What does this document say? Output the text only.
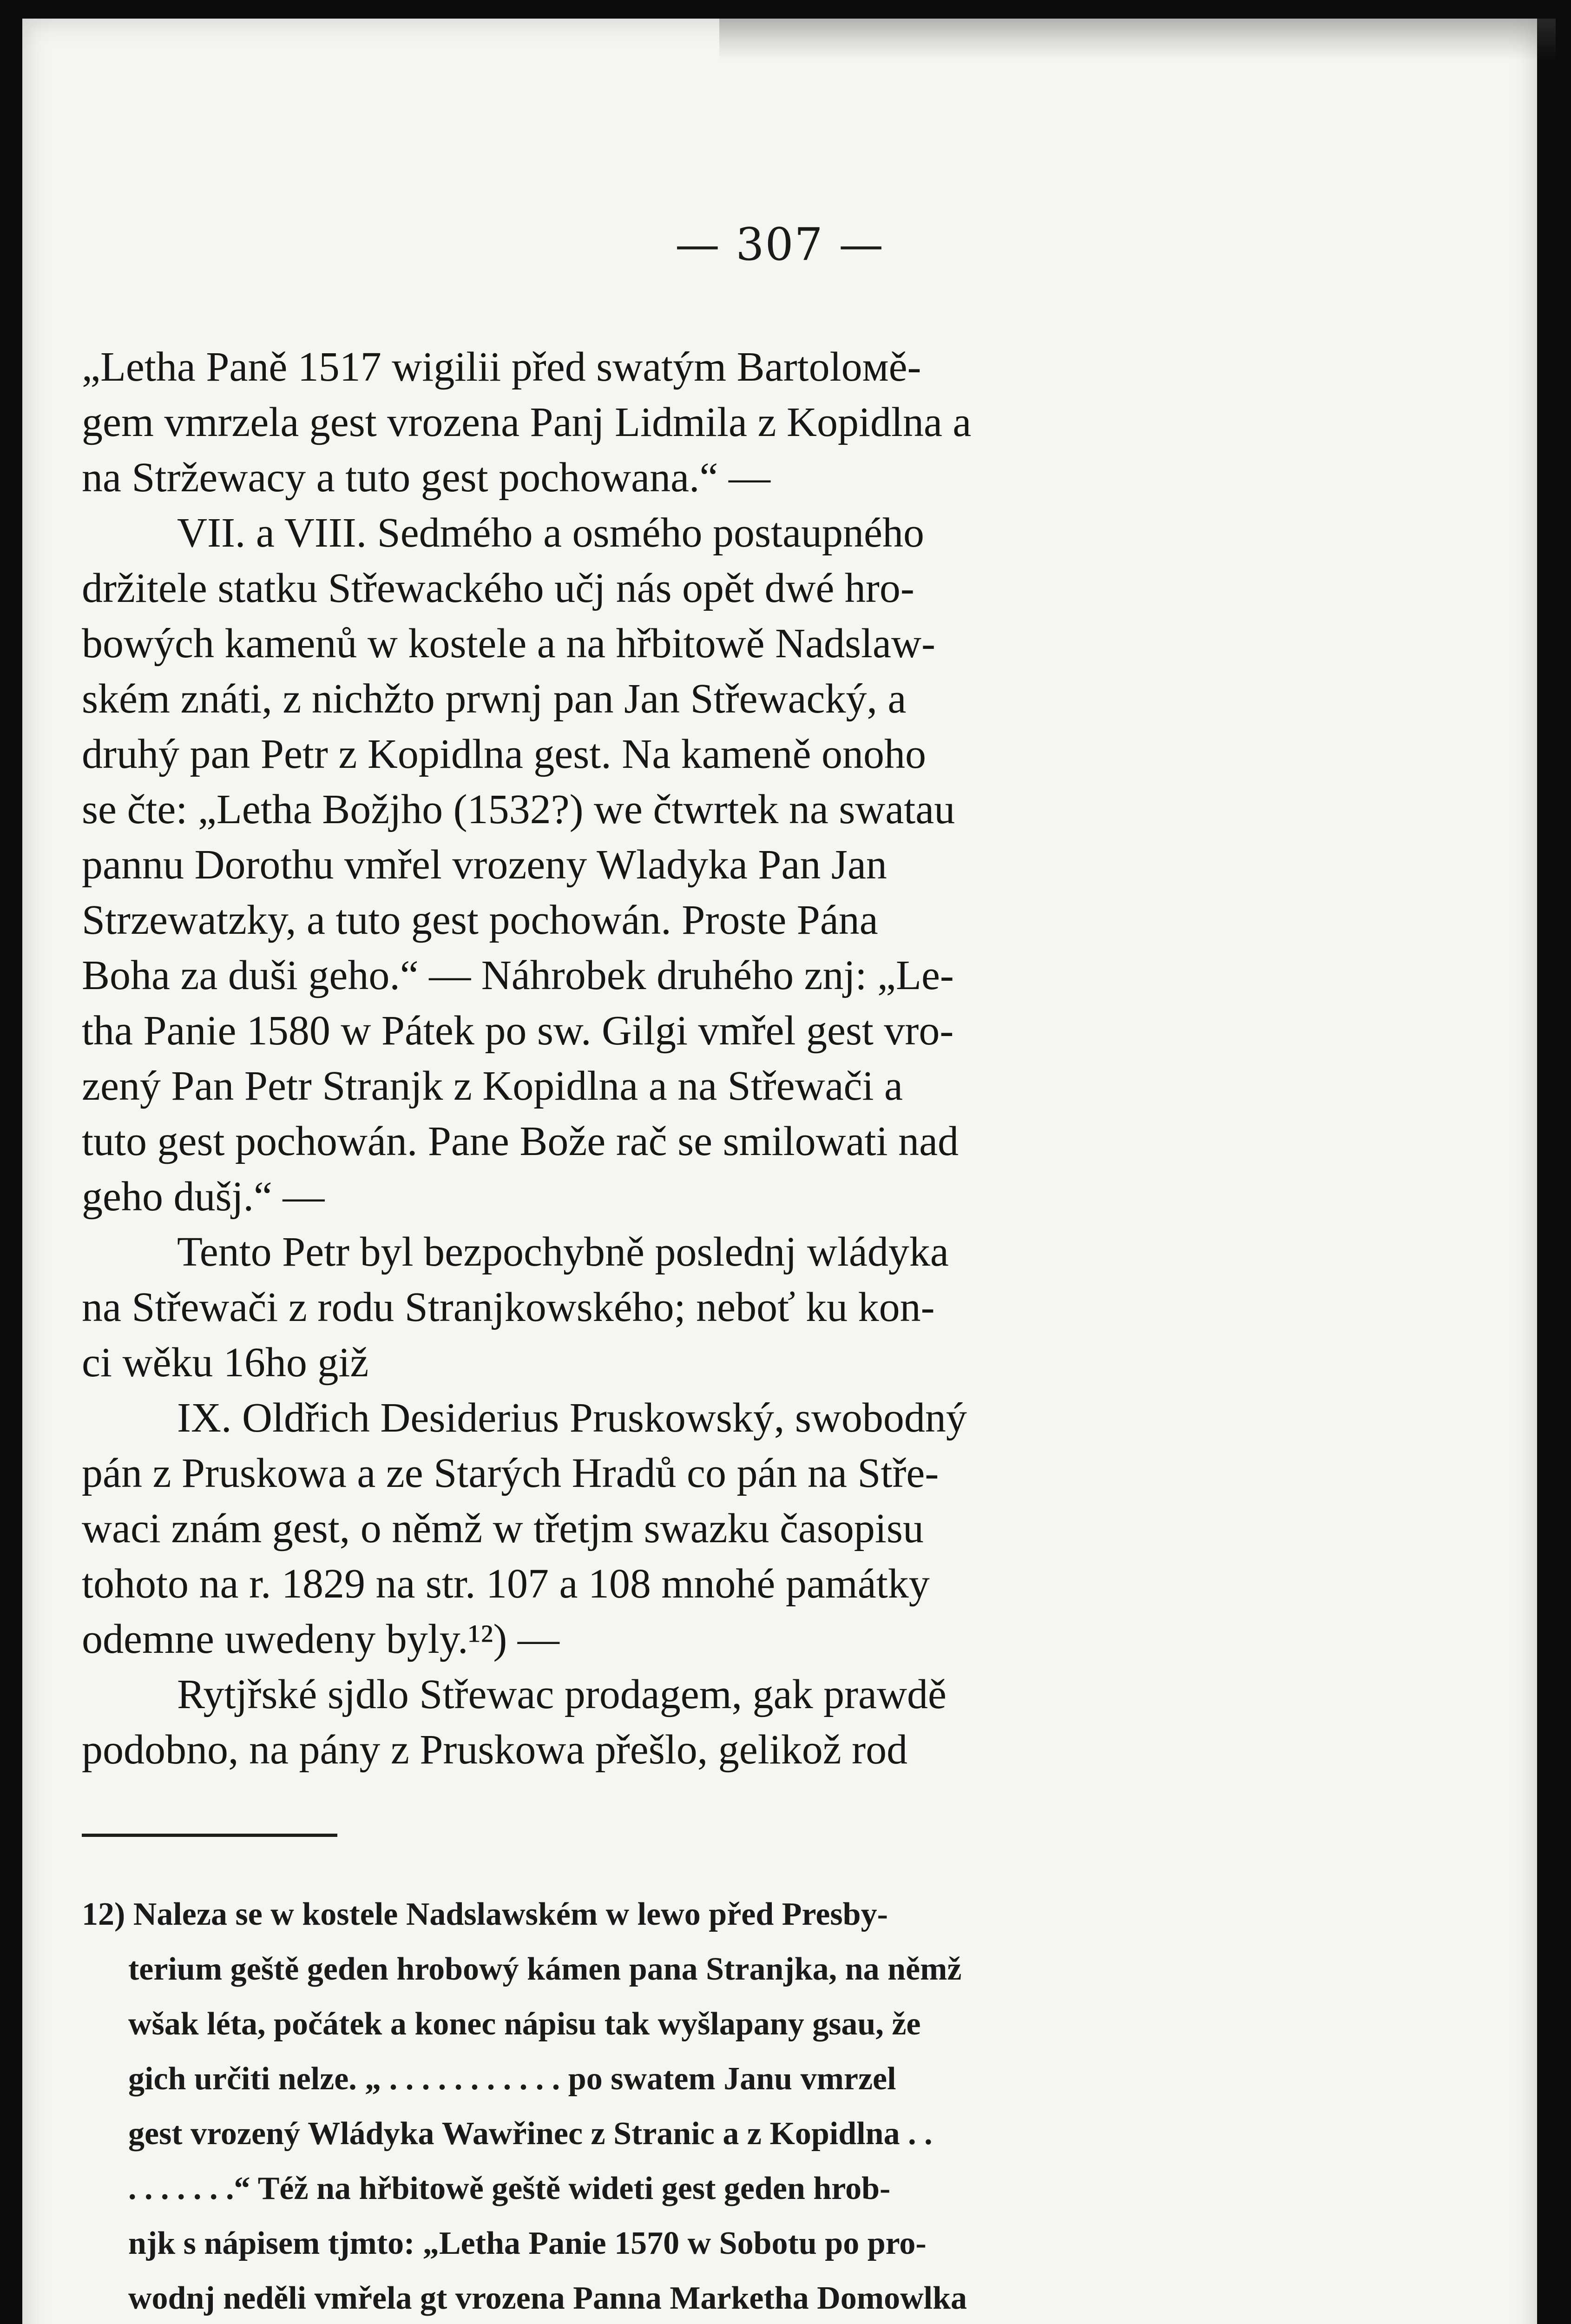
— 307 —
„Letha Paně 1517 wigilii před swatým Bartoloмě-
gem vmrzela gest vrozena Panj Lidmila z Kopidlna a
na Stržewacy a tuto gest pochowana.“ —
VII. a VIII. Sedmého a osmého postaupného
držitele statku Střewackého učj nás opět dwé hro-
bowých kamenů w kostele a na hřbitowě Nadslaw-
ském znáti, z nichžto prwnj pan Jan Střewacký, a
druhý pan Petr z Kopidlna gest. Na kameně onoho
se čte: „Letha Božjho (1532?) we čtwrtek na swatau
pannu Dorothu vmřel vrozeny Wladyka Pan Jan
Strzewatzky, a tuto gest pochowán. Proste Pána
Boha za duši geho.“ — Náhrobek druhého znj: „Le-
tha Panie 1580 w Pátek po sw. Gilgi vmřel gest vro-
zený Pan Petr Stranjk z Kopidlna a na Střewači a
tuto gest pochowán. Pane Bože rač se smilowati nad
geho dušj.“ —
Tento Petr byl bezpochybně poslednj wládyka
na Střewači z rodu Stranjkowského; neboť ku kon-
ci wěku 16ho giž
IX. Oldřich Desiderius Pruskowský, swobodný
pán z Pruskowa a ze Starých Hradů co pán na Stře-
waci znám gest, o němž w třetjm swazku časopisu
tohoto na r. 1829 na str. 107 a 108 mnohé památky
odemne uwedeny byly.¹²) —
Rytjřské sjdlo Střewac prodagem, gak prawdě
podobno, na pány z Pruskowa přešlo, gelikož rod
12) Naleza se w kostele Nadslawském w lewo před Presby-
terium geště geden hrobowý kámen pana Stranjka, na němž
wšak léta, počátek a konec nápisu tak wyšlapany gsau, že
gich určiti nelze. „ . . . . . . . . . . . po swatem Janu vmrzel
gest vrozený Wládyka Wawřinec z Stranic a z Kopidlna . .
. . . . . . .“ Též na hřbitowě geště wideti gest geden hrob-
njk s nápisem tjmto: „Letha Panie 1570 w Sobotu po pro-
wodnj neděli vmřela gt vrozena Panna Marketha Domowlka
